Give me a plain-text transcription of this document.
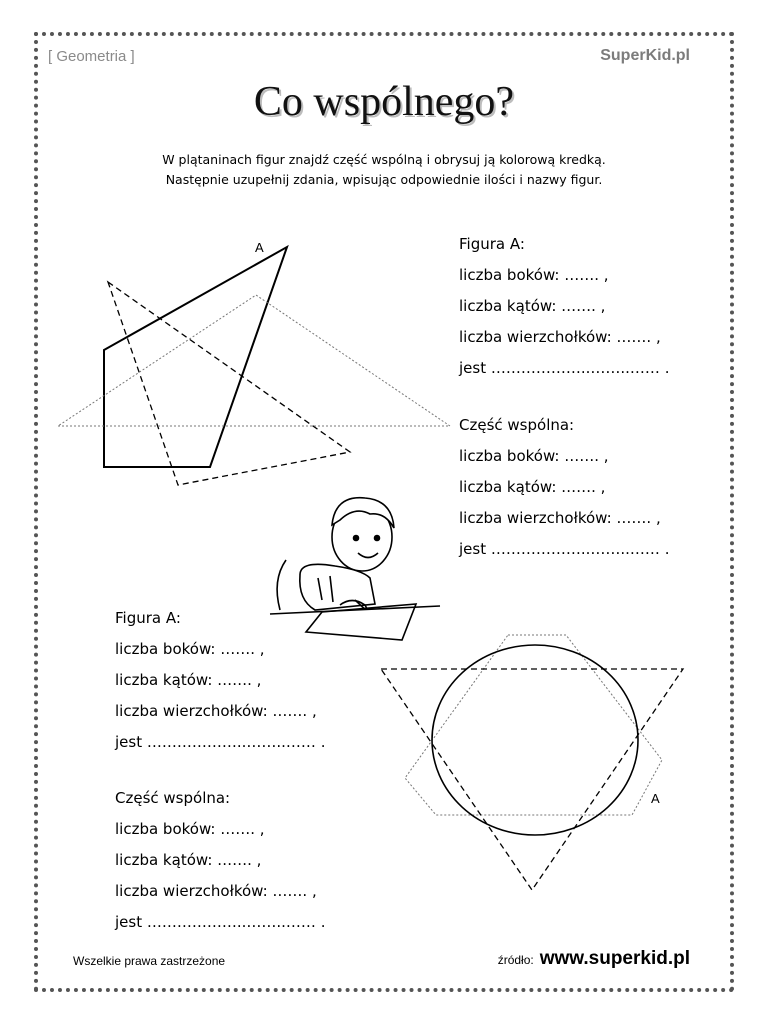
[ Geometria ]	SuperKid.pl
Co wspólnego?
W plątaninach figur znajdź część wspólną i obrysuj ją kolorową kredką.
Następnie uzupełnij zdania, wpisując odpowiednie ilości i nazwy figur.
A
A
Figura A:
liczba boków: ……. ,
liczba kątów: ……. ,
liczba wierzchołków: ……. ,
jest ………………..……..…… .
Część wspólna:
liczba boków: ……. ,
liczba kątów: ……. ,
liczba wierzchołków: ……. ,
jest ………………..……..…… .
Figura A:
liczba boków: ……. ,
liczba kątów: ……. ,
liczba wierzchołków: ……. ,
jest ………………..……..…… .
Część wspólna:
liczba boków: ……. ,
liczba kątów: ……. ,
liczba wierzchołków: ……. ,
jest ………………..……..…… .
Wszelkie prawa zastrzeżone	źródło: www.superkid.pl
